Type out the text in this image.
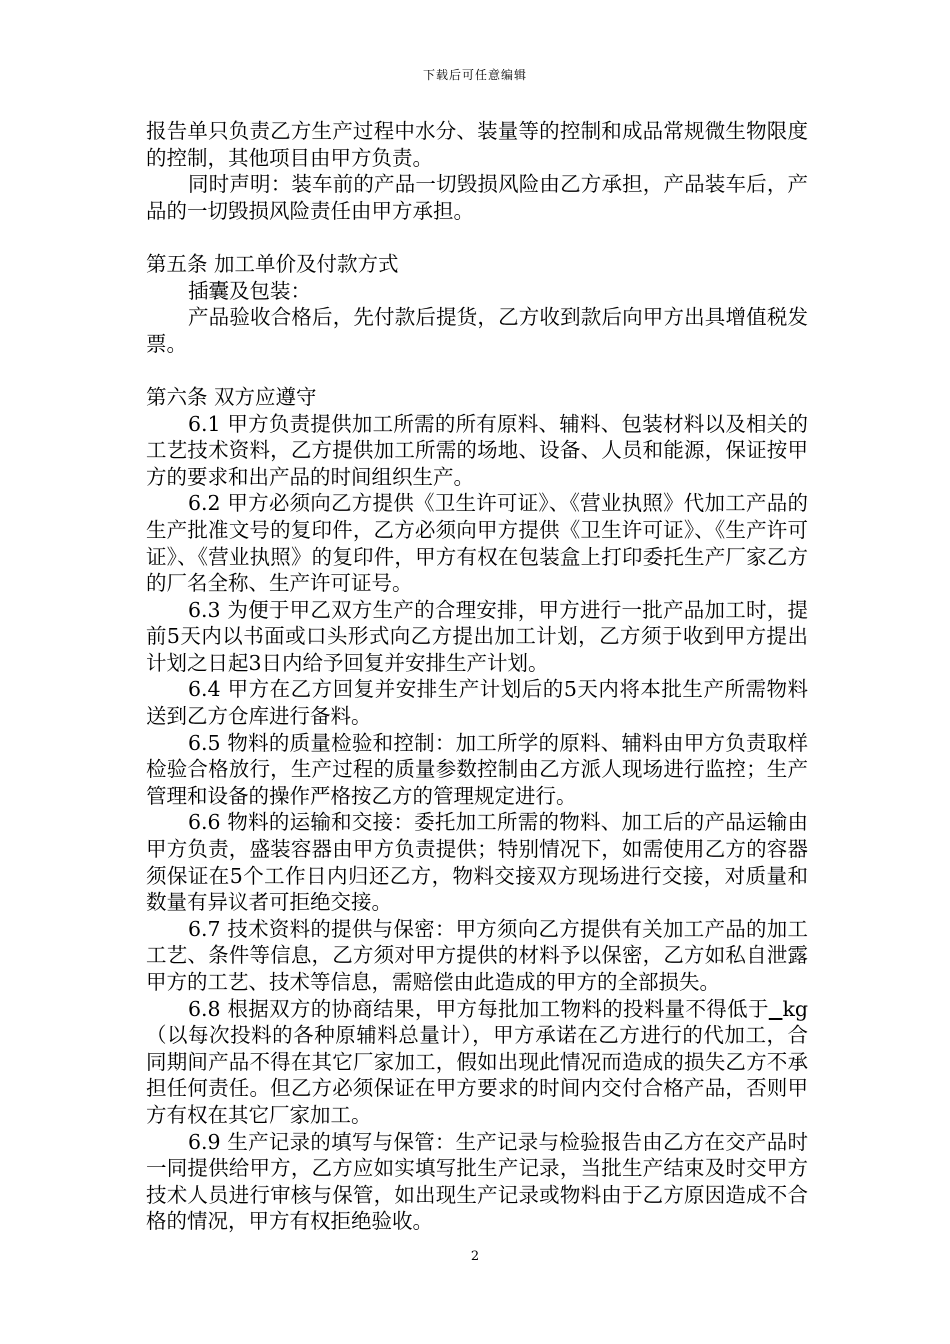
下载后可任意编辑

报告单只负责乙方生产过程中水分、装量等的控制和成品常规微生物限度的控制，其他项目由甲方负责。

同时声明：装车前的产品一切毁损风险由乙方承担，产品装车后，产品的一切毁损风险责任由甲方承担。

第五条 加工单价及付款方式

插囊及包装：

产品验收合格后，先付款后提货，乙方收到款后向甲方出具增值税发票。

第六条 双方应遵守

6.1 甲方负责提供加工所需的所有原料、辅料、包装材料以及相关的工艺技术资料，乙方提供加工所需的场地、设备、人员和能源，保证按甲方的要求和出产品的时间组织生产。

6.2 甲方必须向乙方提供《卫生许可证》、《营业执照》代加工产品的生产批准文号的复印件，乙方必须向甲方提供《卫生许可证》、《生产许可证》、《营业执照》的复印件，甲方有权在包装盒上打印委托生产厂家乙方的厂名全称、生产许可证号。

6.3 为便于甲乙双方生产的合理安排，甲方进行一批产品加工时，提前5天内以书面或口头形式向乙方提出加工计划，乙方须于收到甲方提出计划之日起3日内给予回复并安排生产计划。

6.4 甲方在乙方回复并安排生产计划后的5天内将本批生产所需物料送到乙方仓库进行备料。

6.5 物料的质量检验和控制：加工所学的原料、辅料由甲方负责取样检验合格放行，生产过程的质量参数控制由乙方派人现场进行监控；生产管理和设备的操作严格按乙方的管理规定进行。

6.6 物料的运输和交接：委托加工所需的物料、加工后的产品运输由甲方负责，盛装容器由甲方负责提供；特别情况下，如需使用乙方的容器须保证在5个工作日内归还乙方，物料交接双方现场进行交接，对质量和数量有异议者可拒绝交接。

6.7 技术资料的提供与保密：甲方须向乙方提供有关加工产品的加工工艺、条件等信息，乙方须对甲方提供的材料予以保密，乙方如私自泄露甲方的工艺、技术等信息，需赔偿由此造成的甲方的全部损失。

6.8 根据双方的协商结果，甲方每批加工物料的投料量不得低于 kg（以每次投料的各种原辅料总量计），甲方承诺在乙方进行的代加工，合同期间产品不得在其它厂家加工，假如出现此情况而造成的损失乙方不承担任何责任。但乙方必须保证在甲方要求的时间内交付合格产品，否则甲方有权在其它厂家加工。

6.9 生产记录的填写与保管：生产记录与检验报告由乙方在交产品时一同提供给甲方，乙方应如实填写批生产记录，当批生产结束及时交甲方技术人员进行审核与保管，如出现生产记录或物料由于乙方原因造成不合格的情况，甲方有权拒绝验收。

2
